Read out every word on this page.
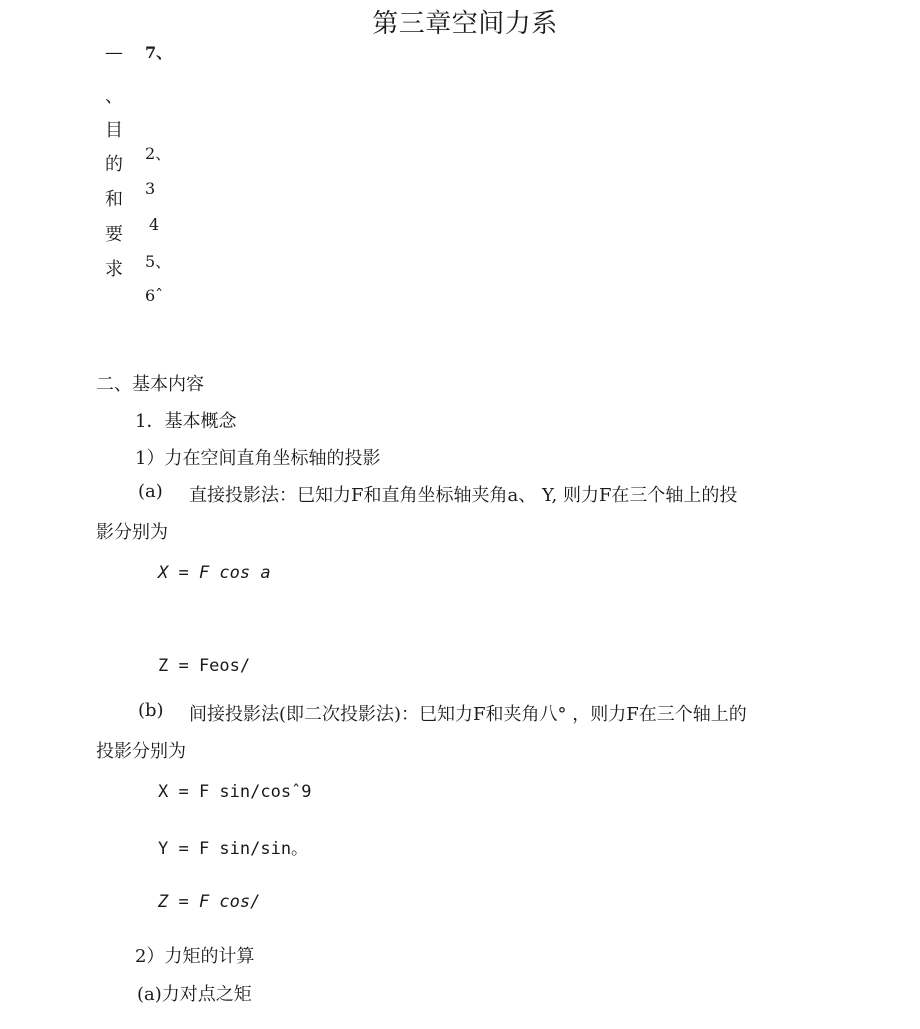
第三章空间力系
—
、
目
的
和
要
求
7、
2、
3
4
5、
6ˆ
二、基本内容
1．基本概念
1）力在空间直角坐标轴的投影
(a) 直接投影法：巳知力F和直角坐标轴夹角a、 Y, 则力F在三个轴上的投
影分别为
X = F cos a
Z = Feos/
(b) 间接投影法(即二次投影法)：巳知力F和夹角八° ，则力F在三个轴上的
投影分别为
X = F sin/cosˆ9
Y = F sin/sin。
Z = F cos/
2）力矩的计算
(a)力对点之矩
